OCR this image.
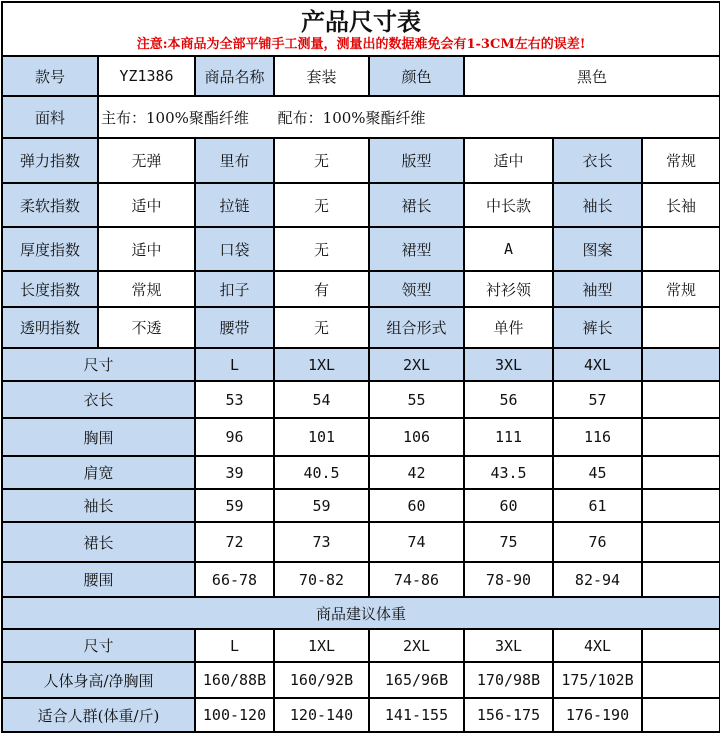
产品尺寸表
注意:本商品为全部平铺手工测量，测量出的数据难免会有1-3CM左右的误差!							

款号	YZ1386	商品名称	套装	颜色	黑色		
面料	主布：100%聚酯纤维 配布：100%聚酯纤维						
弹力指数	无弹	里布	无	版型	适中	衣长	常规
柔软指数	适中	拉链	无	裙长	中长款	袖长	长袖
厚度指数	适中	口袋	无	裙型	A	图案	
长度指数	常规	扣子	有	领型	衬衫领	袖型	常规
透明指数	不透	腰带	无	组合形式	单件	裤长	
尺寸		L	1XL	2XL	3XL	4XL	
衣长		53	54	55	56	57	
胸围		96	101	106	111	116	
肩宽		39	40.5	42	43.5	45	
袖长		59	59	60	60	61	
裙长		72	73	74	75	76	
腰围		66-78	70-82	74-86	78-90	82-94	
商品建议体重							
尺寸		L	1XL	2XL	3XL	4XL	
人体身高/净胸围		160/88B	160/92B	165/96B	170/98B	175/102B	
适合人群(体重/斤)		100-120	120-140	141-155	156-175	176-190	
